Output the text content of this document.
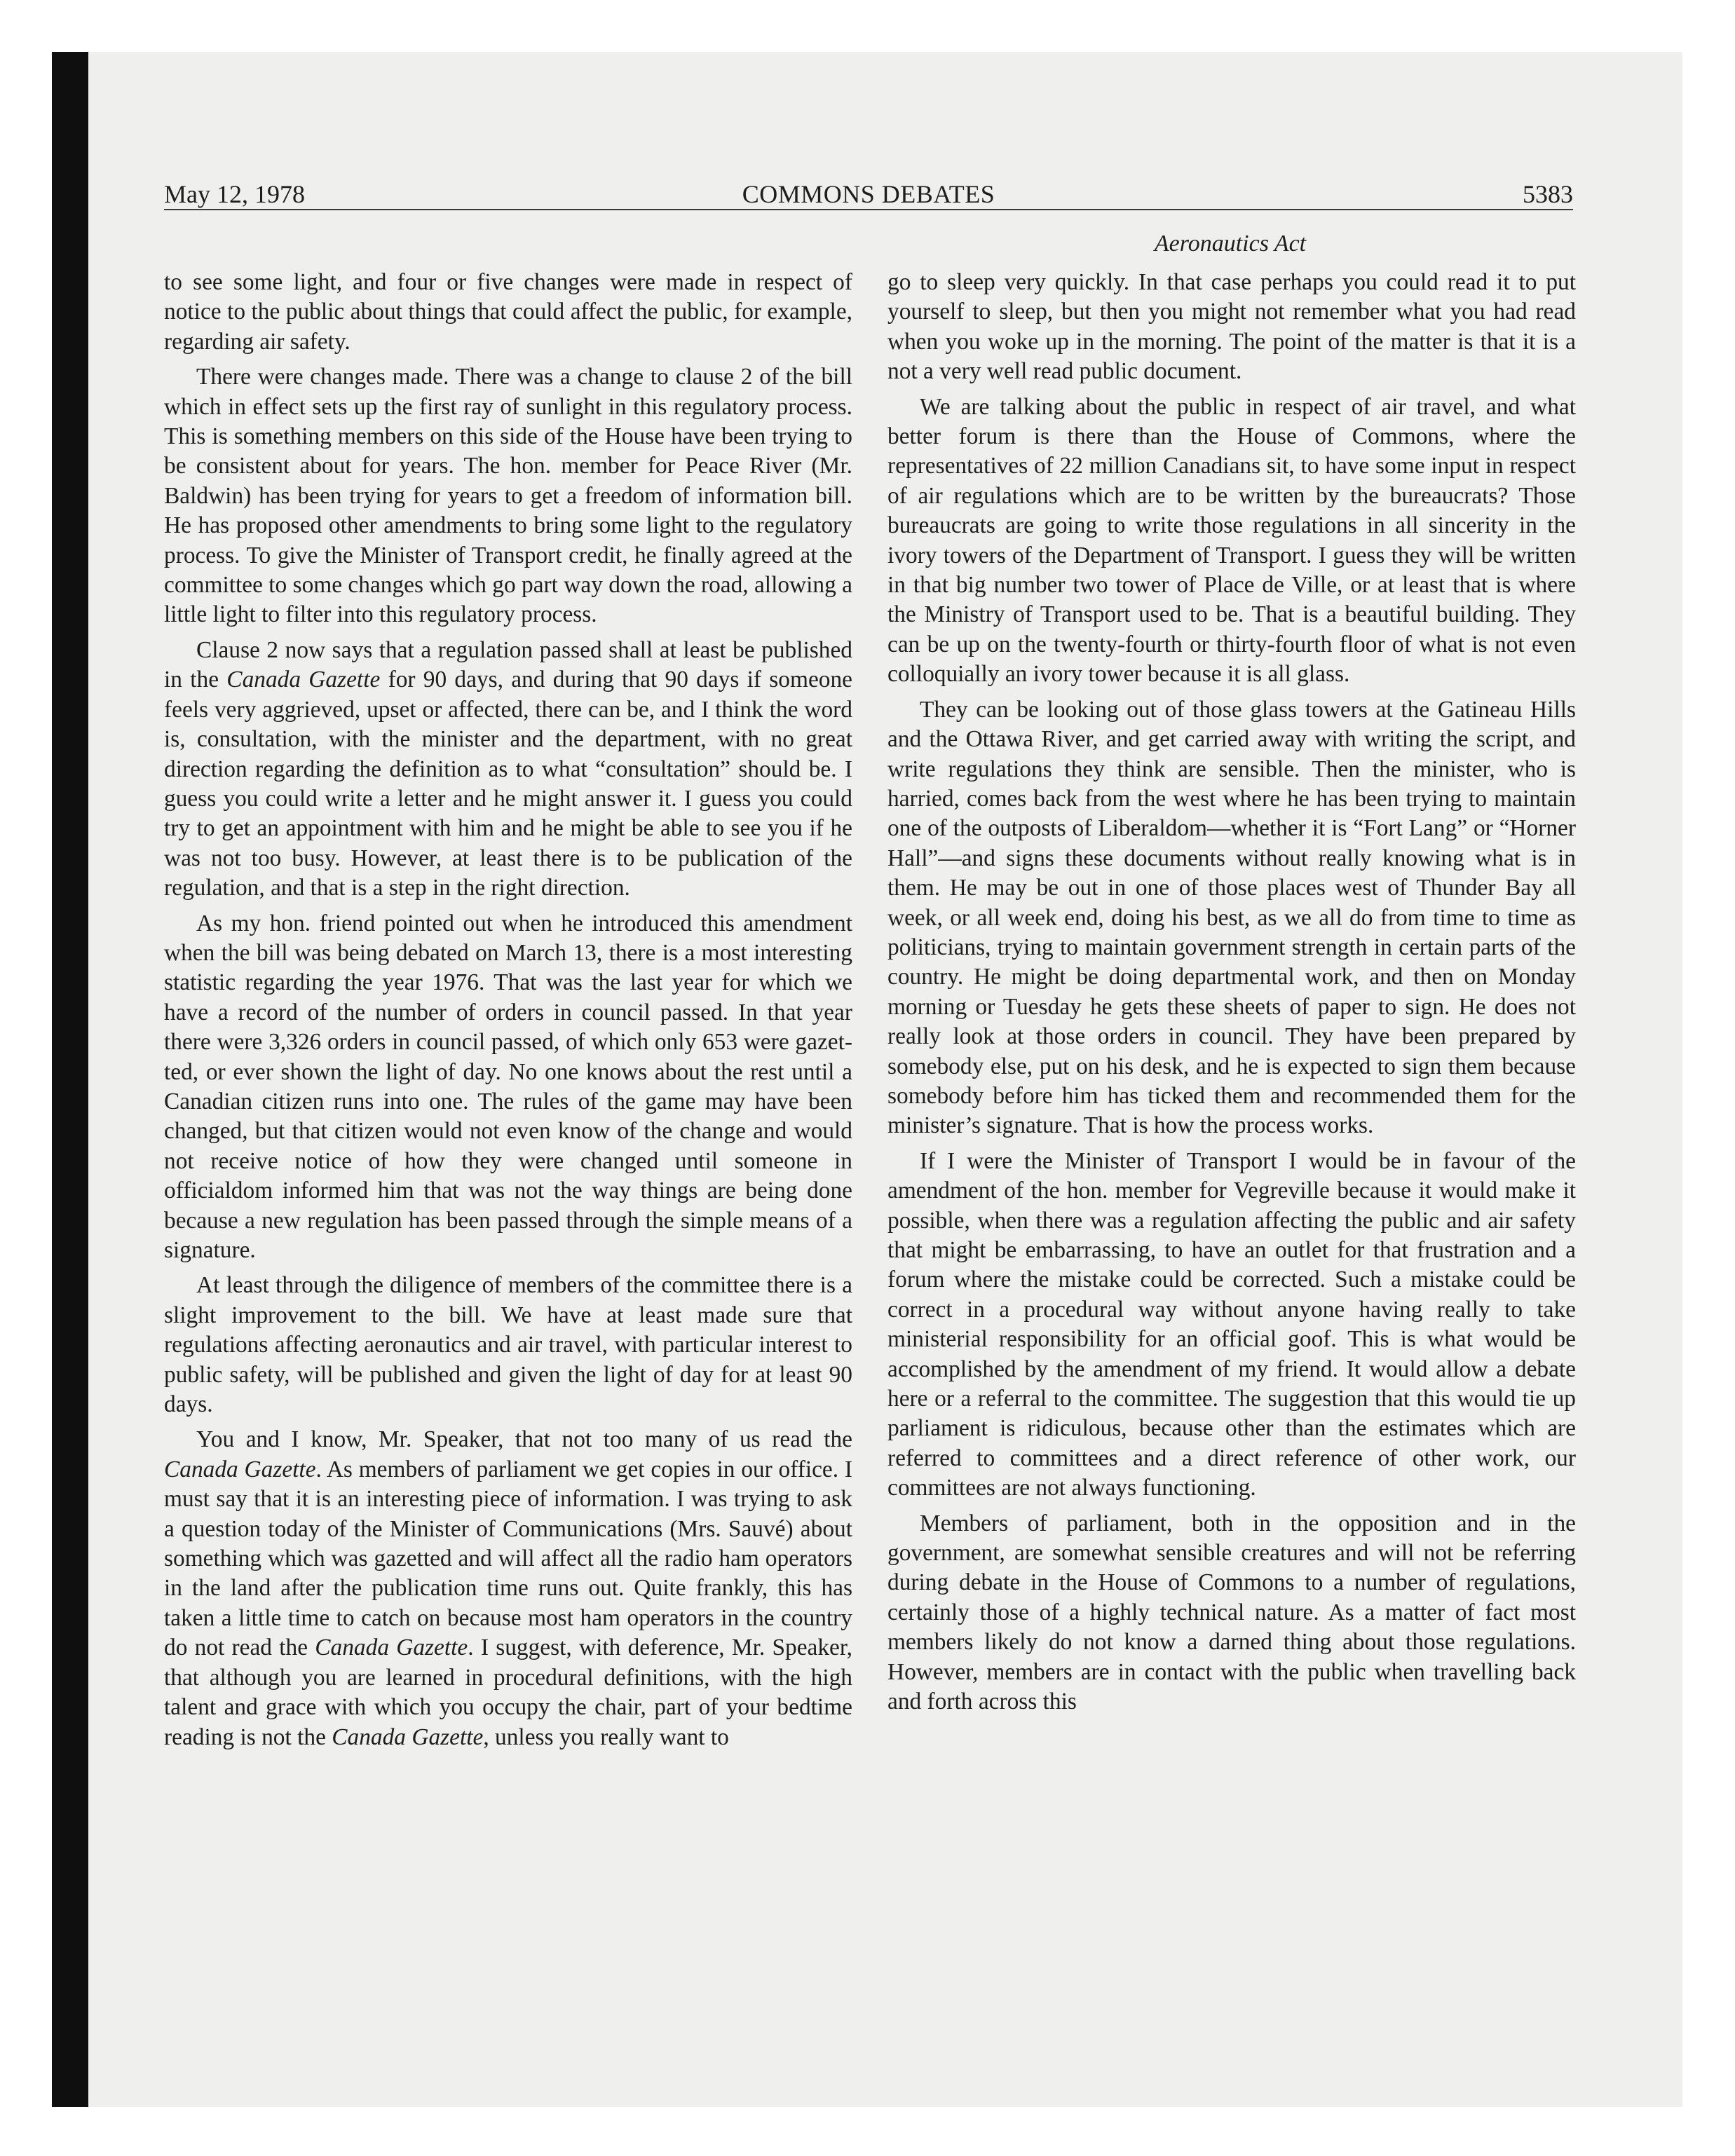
May 12, 1978	COMMONS DEBATES	5383
Aeronautics Act

to see some light, and four or five changes were made in respect of notice to the public about things that could affect the public, for example, regarding air safety.

There were changes made. There was a change to clause 2 of the bill which in effect sets up the first ray of sunlight in this regulatory process. This is something members on this side of the House have been trying to be consistent about for years. The hon. member for Peace River (Mr. Baldwin) has been trying for years to get a freedom of information bill. He has proposed other amendments to bring some light to the regulatory process. To give the Minister of Transport credit, he finally agreed at the committee to some changes which go part way down the road, allowing a little light to filter into this regulatory process.

Clause 2 now says that a regulation passed shall at least be published in the Canada Gazette for 90 days, and during that 90 days if someone feels very aggrieved, upset or affected, there can be, and I think the word is, consultation, with the minister and the department, with no great direction regarding the definition as to what “consultation” should be. I guess you could write a letter and he might answer it. I guess you could try to get an appointment with him and he might be able to see you if he was not too busy. However, at least there is to be publication of the regulation, and that is a step in the right direction.

As my hon. friend pointed out when he introduced this amendment when the bill was being debated on March 13, there is a most interesting statistic regarding the year 1976. That was the last year for which we have a record of the number of orders in council passed. In that year there were 3,326 orders in council passed, of which only 653 were gazetted, or ever shown the light of day. No one knows about the rest until a Canadian citizen runs into one. The rules of the game may have been changed, but that citizen would not even know of the change and would not receive notice of how they were changed until someone in officialdom informed him that was not the way things are being done because a new regulation has been passed through the simple means of a signature.

At least through the diligence of members of the committee there is a slight improvement to the bill. We have at least made sure that regulations affecting aeronautics and air travel, with particular interest to public safety, will be published and given the light of day for at least 90 days.

You and I know, Mr. Speaker, that not too many of us read the Canada Gazette. As members of parliament we get copies in our office. I must say that it is an interesting piece of information. I was trying to ask a question today of the Minister of Communications (Mrs. Sauvé) about something which was gazetted and will affect all the radio ham operators in the land after the publication time runs out. Quite frankly, this has taken a little time to catch on because most ham operators in the country do not read the Canada Gazette. I suggest, with deference, Mr. Speaker, that although you are learned in procedural definitions, with the high talent and grace with which you occupy the chair, part of your bedtime reading is not the Canada Gazette, unless you really want to

go to sleep very quickly. In that case perhaps you could read it to put yourself to sleep, but then you might not remember what you had read when you woke up in the morning. The point of the matter is that it is a not a very well read public document.

We are talking about the public in respect of air travel, and what better forum is there than the House of Commons, where the representatives of 22 million Canadians sit, to have some input in respect of air regulations which are to be written by the bureaucrats? Those bureaucrats are going to write those regulations in all sincerity in the ivory towers of the Department of Transport. I guess they will be written in that big number two tower of Place de Ville, or at least that is where the Ministry of Transport used to be. That is a beautiful building. They can be up on the twenty-fourth or thirty-fourth floor of what is not even colloquially an ivory tower because it is all glass.

They can be looking out of those glass towers at the Gatineau Hills and the Ottawa River, and get carried away with writing the script, and write regulations they think are sensible. Then the minister, who is harried, comes back from the west where he has been trying to maintain one of the outposts of Liberaldom—whether it is “Fort Lang” or “Horner Hall”—and signs these documents without really knowing what is in them. He may be out in one of those places west of Thunder Bay all week, or all week end, doing his best, as we all do from time to time as politicians, trying to maintain government strength in certain parts of the country. He might be doing departmental work, and then on Monday morning or Tuesday he gets these sheets of paper to sign. He does not really look at those orders in council. They have been prepared by somebody else, put on his desk, and he is expected to sign them because somebody before him has ticked them and recommended them for the minister’s signature. That is how the process works.

If I were the Minister of Transport I would be in favour of the amendment of the hon. member for Vegreville because it would make it possible, when there was a regulation affecting the public and air safety that might be embarrassing, to have an outlet for that frustration and a forum where the mistake could be corrected. Such a mistake could be correct in a procedural way without anyone having really to take ministerial responsibility for an official goof. This is what would be accomplished by the amendment of my friend. It would allow a debate here or a referral to the committee. The suggestion that this would tie up parliament is ridiculous, because other than the estimates which are referred to committees and a direct reference of other work, our committees are not always functioning.

Members of parliament, both in the opposition and in the government, are somewhat sensible creatures and will not be referring during debate in the House of Commons to a number of regulations, certainly those of a highly technical nature. As a matter of fact most members likely do not know a darned thing about those regulations. However, members are in contact with the public when travelling back and forth across this
